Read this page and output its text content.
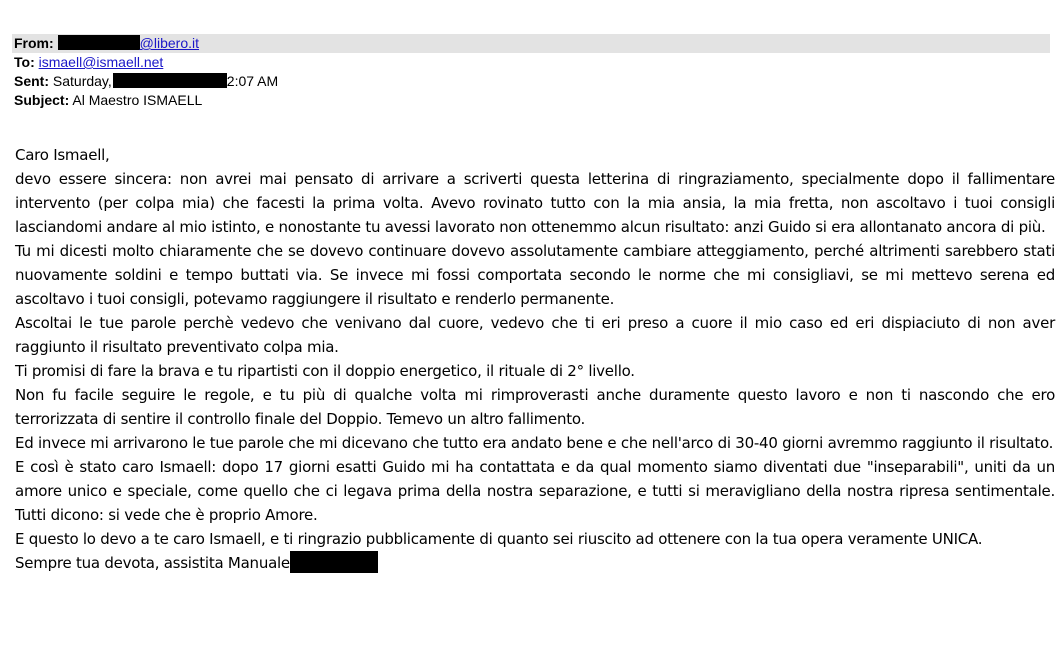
From:	@libero.it
To: ismaell@ismaell.net
Sent: Saturday,	2:07 AM
Subject: Al Maestro ISMAELL

Caro Ismaell,

devo essere sincera: non avrei mai pensato di arrivare a scriverti questa letterina di ringraziamento, specialmente dopo il fallimentare intervento (per colpa mia) che facesti la prima volta. Avevo rovinato tutto con la mia ansia, la mia fretta, non ascoltavo i tuoi consigli lasciandomi andare al mio istinto, e nonostante tu avessi lavorato non ottenemmo alcun risultato: anzi Guido si era allontanato ancora di più.

Tu mi dicesti molto chiaramente che se dovevo continuare dovevo assolutamente cambiare atteggiamento, perché altrimenti sarebbero stati nuovamente soldini e tempo buttati via. Se invece mi fossi comportata secondo le norme che mi consigliavi, se mi mettevo serena ed ascoltavo i tuoi consigli, potevamo raggiungere il risultato e renderlo permanente.

Ascoltai le tue parole perchè vedevo che venivano dal cuore, vedevo che ti eri preso a cuore il mio caso ed eri dispiaciuto di non aver raggiunto il risultato preventivato colpa mia.

Ti promisi di fare la brava e tu ripartisti con il doppio energetico, il rituale di 2° livello.

Non fu facile seguire le regole, e tu più di qualche volta mi rimproverasti anche duramente questo lavoro e non ti nascondo che ero terrorizzata di sentire il controllo finale del Doppio. Temevo un altro fallimento.

Ed invece mi arrivarono le tue parole che mi dicevano che tutto era andato bene e che nell'arco di 30-40 giorni avremmo raggiunto il risultato.

E così è stato caro Ismaell: dopo 17 giorni esatti Guido mi ha contattata e da qual momento siamo diventati due "inseparabili", uniti da un amore unico e speciale, come quello che ci legava prima della nostra separazione, e tutti si meravigliano della nostra ripresa sentimentale. Tutti dicono: si vede che è proprio Amore.

E questo lo devo a te caro Ismaell, e ti ringrazio pubblicamente di quanto sei riuscito ad ottenere con la tua opera veramente UNICA.

Sempre tua devota, assistita Manuale
